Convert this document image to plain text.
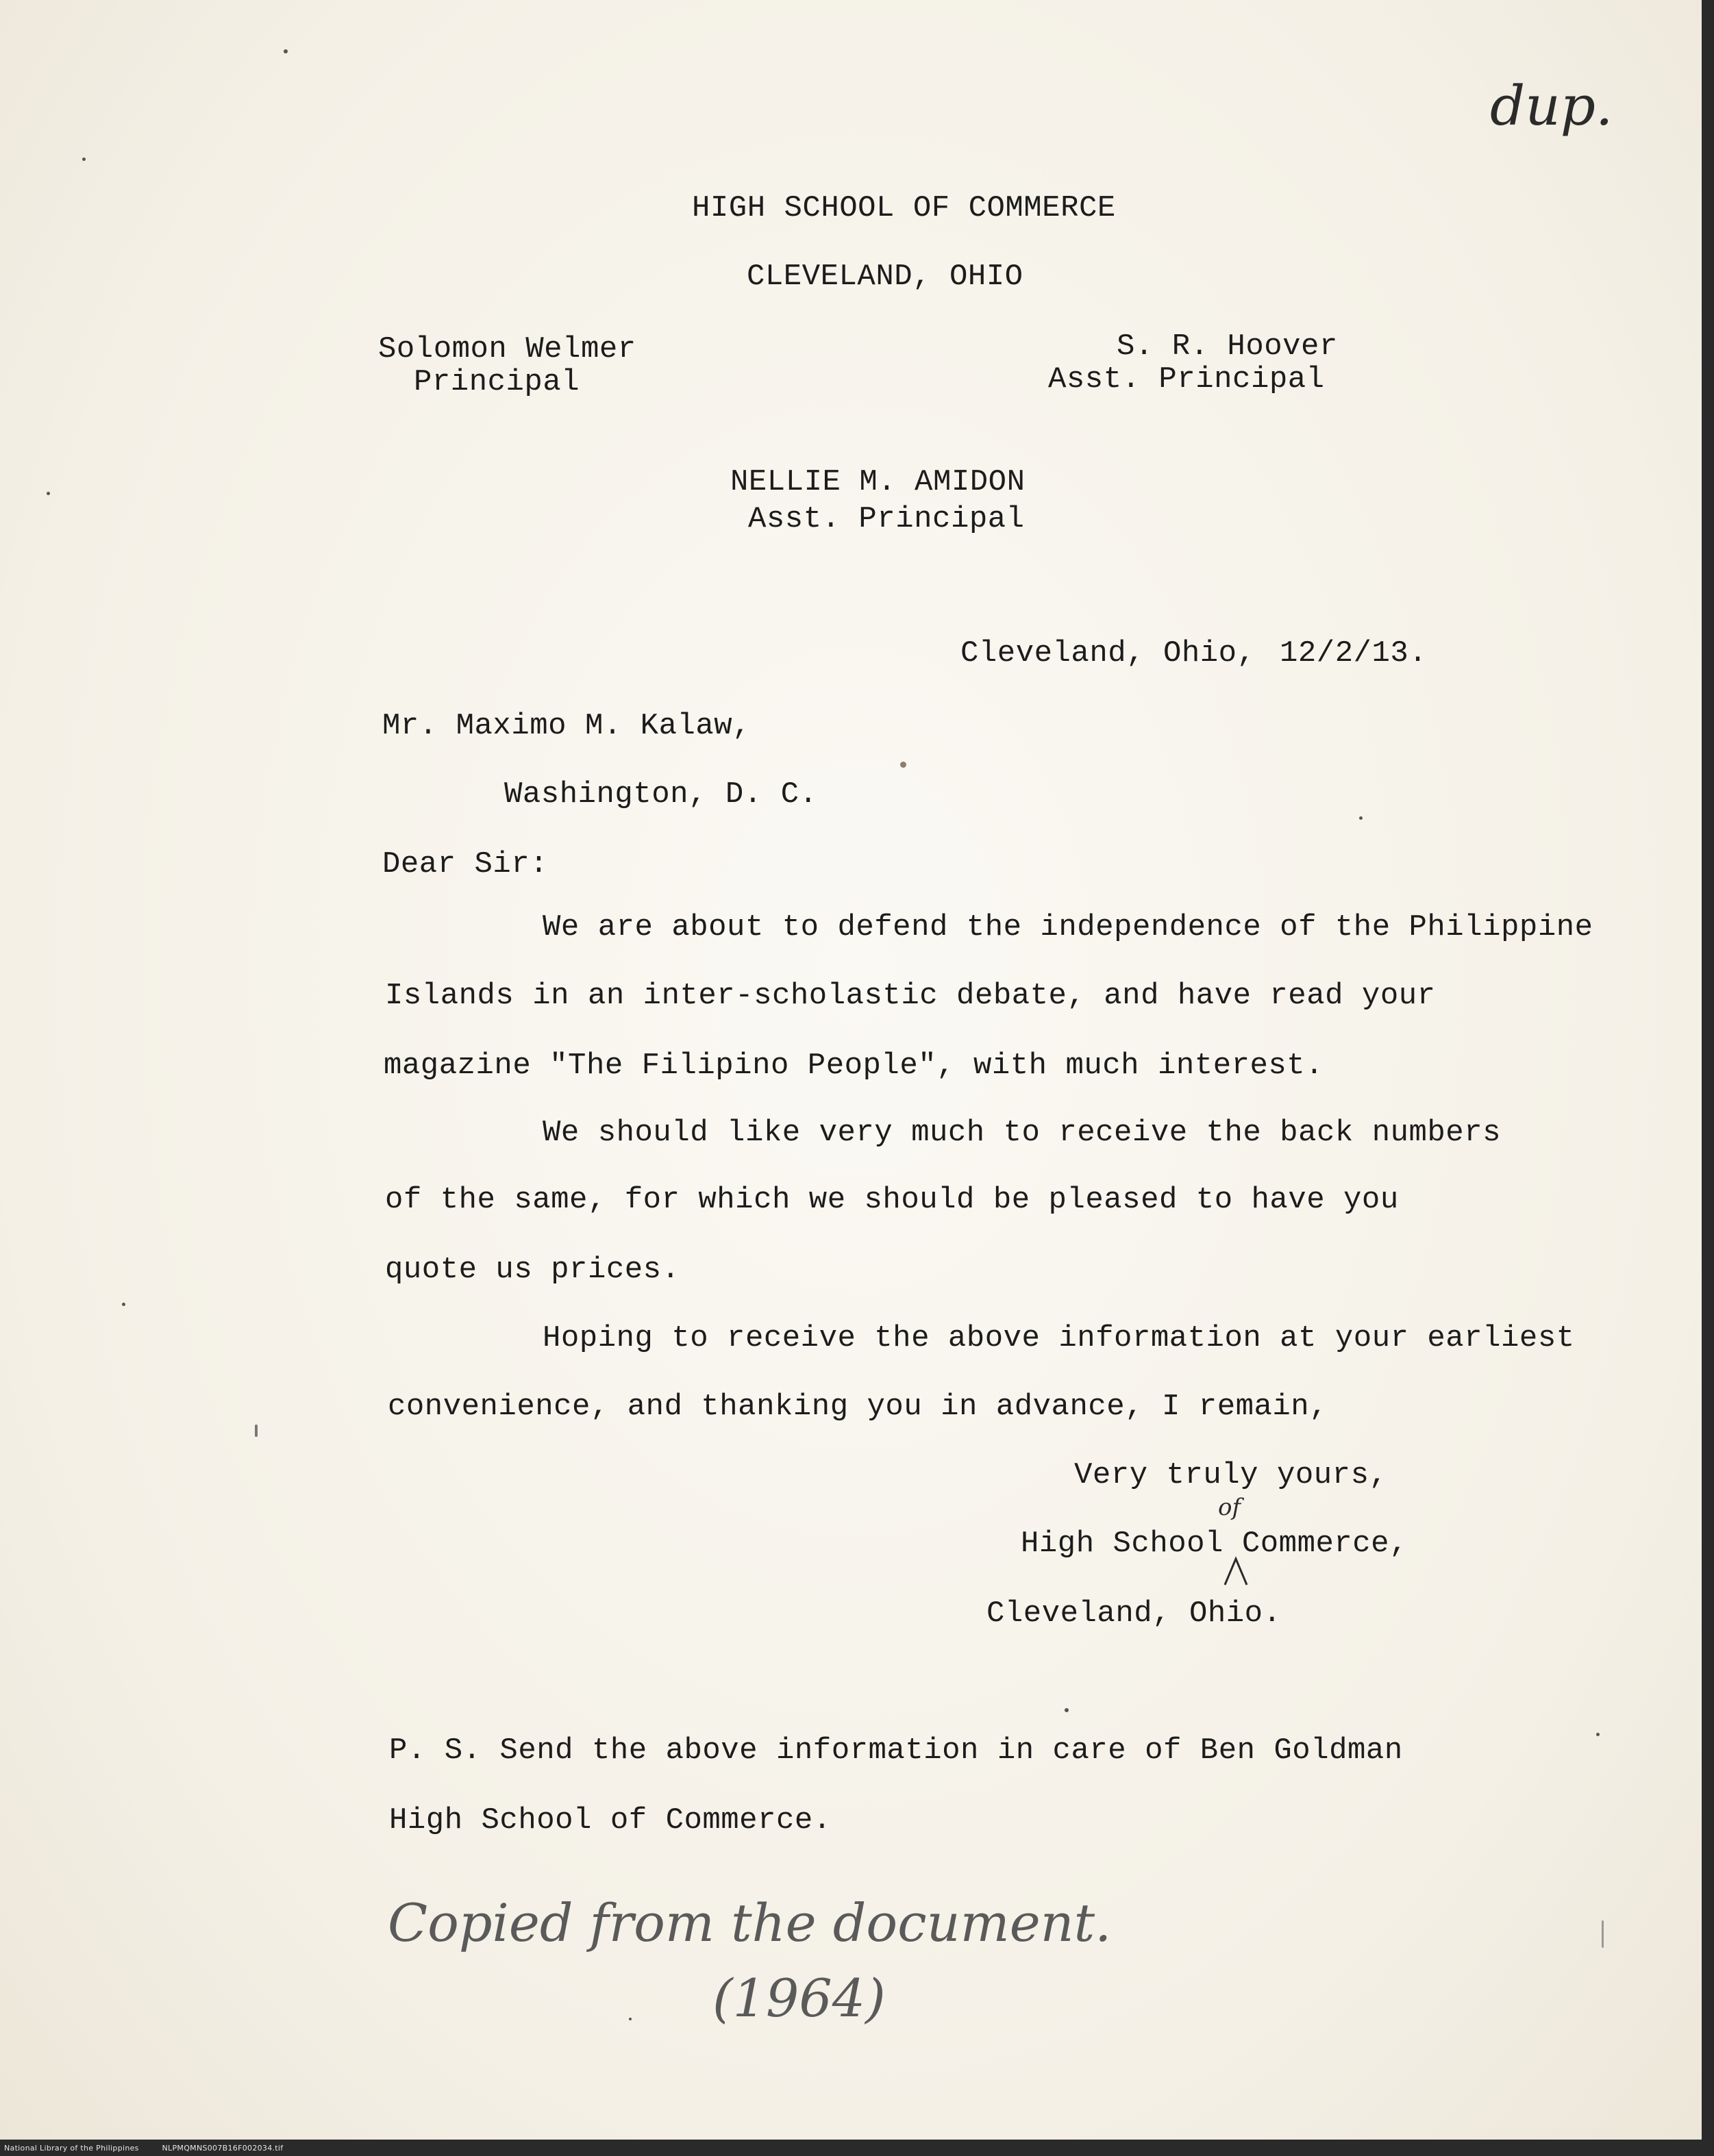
dup.
HIGH SCHOOL OF COMMERCE
CLEVELAND, OHIO
Solomon Welmer
Principal
S. R. Hoover
Asst. Principal
NELLIE M. AMIDON
Asst. Principal
Cleveland, Ohio, 12/2/13.
Mr. Maximo M. Kalaw,
Washington, D. C.
Dear Sir:
We are about to defend the independence of the Philippine
Islands in an inter-scholastic debate, and have read your
magazine "The Filipino People", with much interest.
We should like very much to receive the back numbers
of the same, for which we should be pleased to have you
quote us prices.
Hoping to receive the above information at your earliest
convenience, and thanking you in advance, I remain,
Very truly yours,
of
High School Commerce,
Cleveland, Ohio.
P. S. Send the above information in care of Ben Goldman
High School of Commerce.
Copied from the document.
(1964)
National Library of the Philippines	NLPMQMNS007B16F002034.tif
